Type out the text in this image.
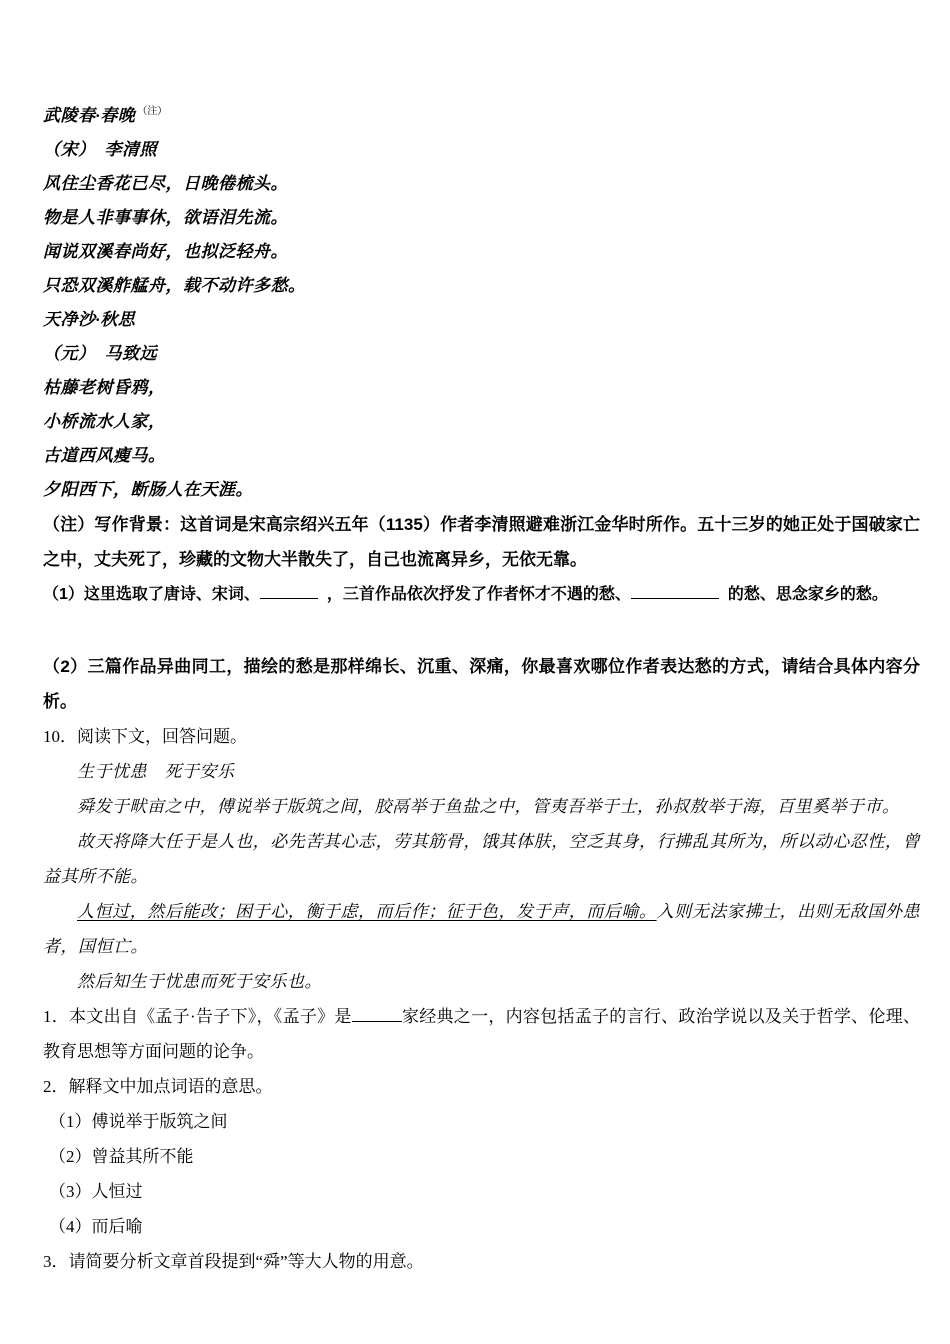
武陵春·春晚 $^{(注)}$

（宋）　李清照

风住尘香花已尽，日晚倦梳头。

物是人非事事休，欲语泪先流。

闻说双溪春尚好，也拟泛轻舟。

只恐双溪舴艋舟，载不动许多愁。

天净沙·秋思

（元）　马致远

枯藤老树昏鸦，

小桥流水人家，

古道西风瘦马。

夕阳西下，断肠人在天涯。

（注）写作背景：这首词是宋高宗绍兴五年（1135）作者李清照避难浙江金华时所作。五十三岁的她正处于国破家亡之中，丈夫死了，珍藏的文物大半散失了，自己也流离异乡，无依无靠。

（1）这里选取了唐诗、宋词、	，三首作品依次抒发了作者怀才不遇的愁、	的愁、思念家乡的愁。

（2）三篇作品异曲同工，描绘的愁是那样绵长、沉重、深痛，你最喜欢哪位作者表达愁的方式，请结合具体内容分析。

10．阅读下文，回答问题。

生于忧患　死于安乐

舜发于畎亩之中，傅说举于版筑之间，胶鬲举于鱼盐之中，管夷吾举于士，孙叔敖举于海，百里奚举于市。

故天将降大任于是人也，必先苦其心志，劳其筋骨，饿其体肤，空乏其身，行拂乱其所为，所以动心忍性，曾益其所不能。

人恒过，然后能改；困于心，衡于虑，而后作；征于色，发于声，而后喻。入则无法家拂士，出则无敌国外患者，国恒亡。

然后知生于忧患而死于安乐也。

1．本文出自《孟子·告子下》，《孟子》是	家经典之一，内容包括孟子的言行、政治学说以及关于哲学、伦理、教育思想等方面问题的论争。

2．解释文中加点词语的意思。

（1）傅说举于版筑之间

（2）曾益其所不能

（3）人恒过

（4）而后喻

3．请简要分析文章首段提到“舜”等大人物的用意。
